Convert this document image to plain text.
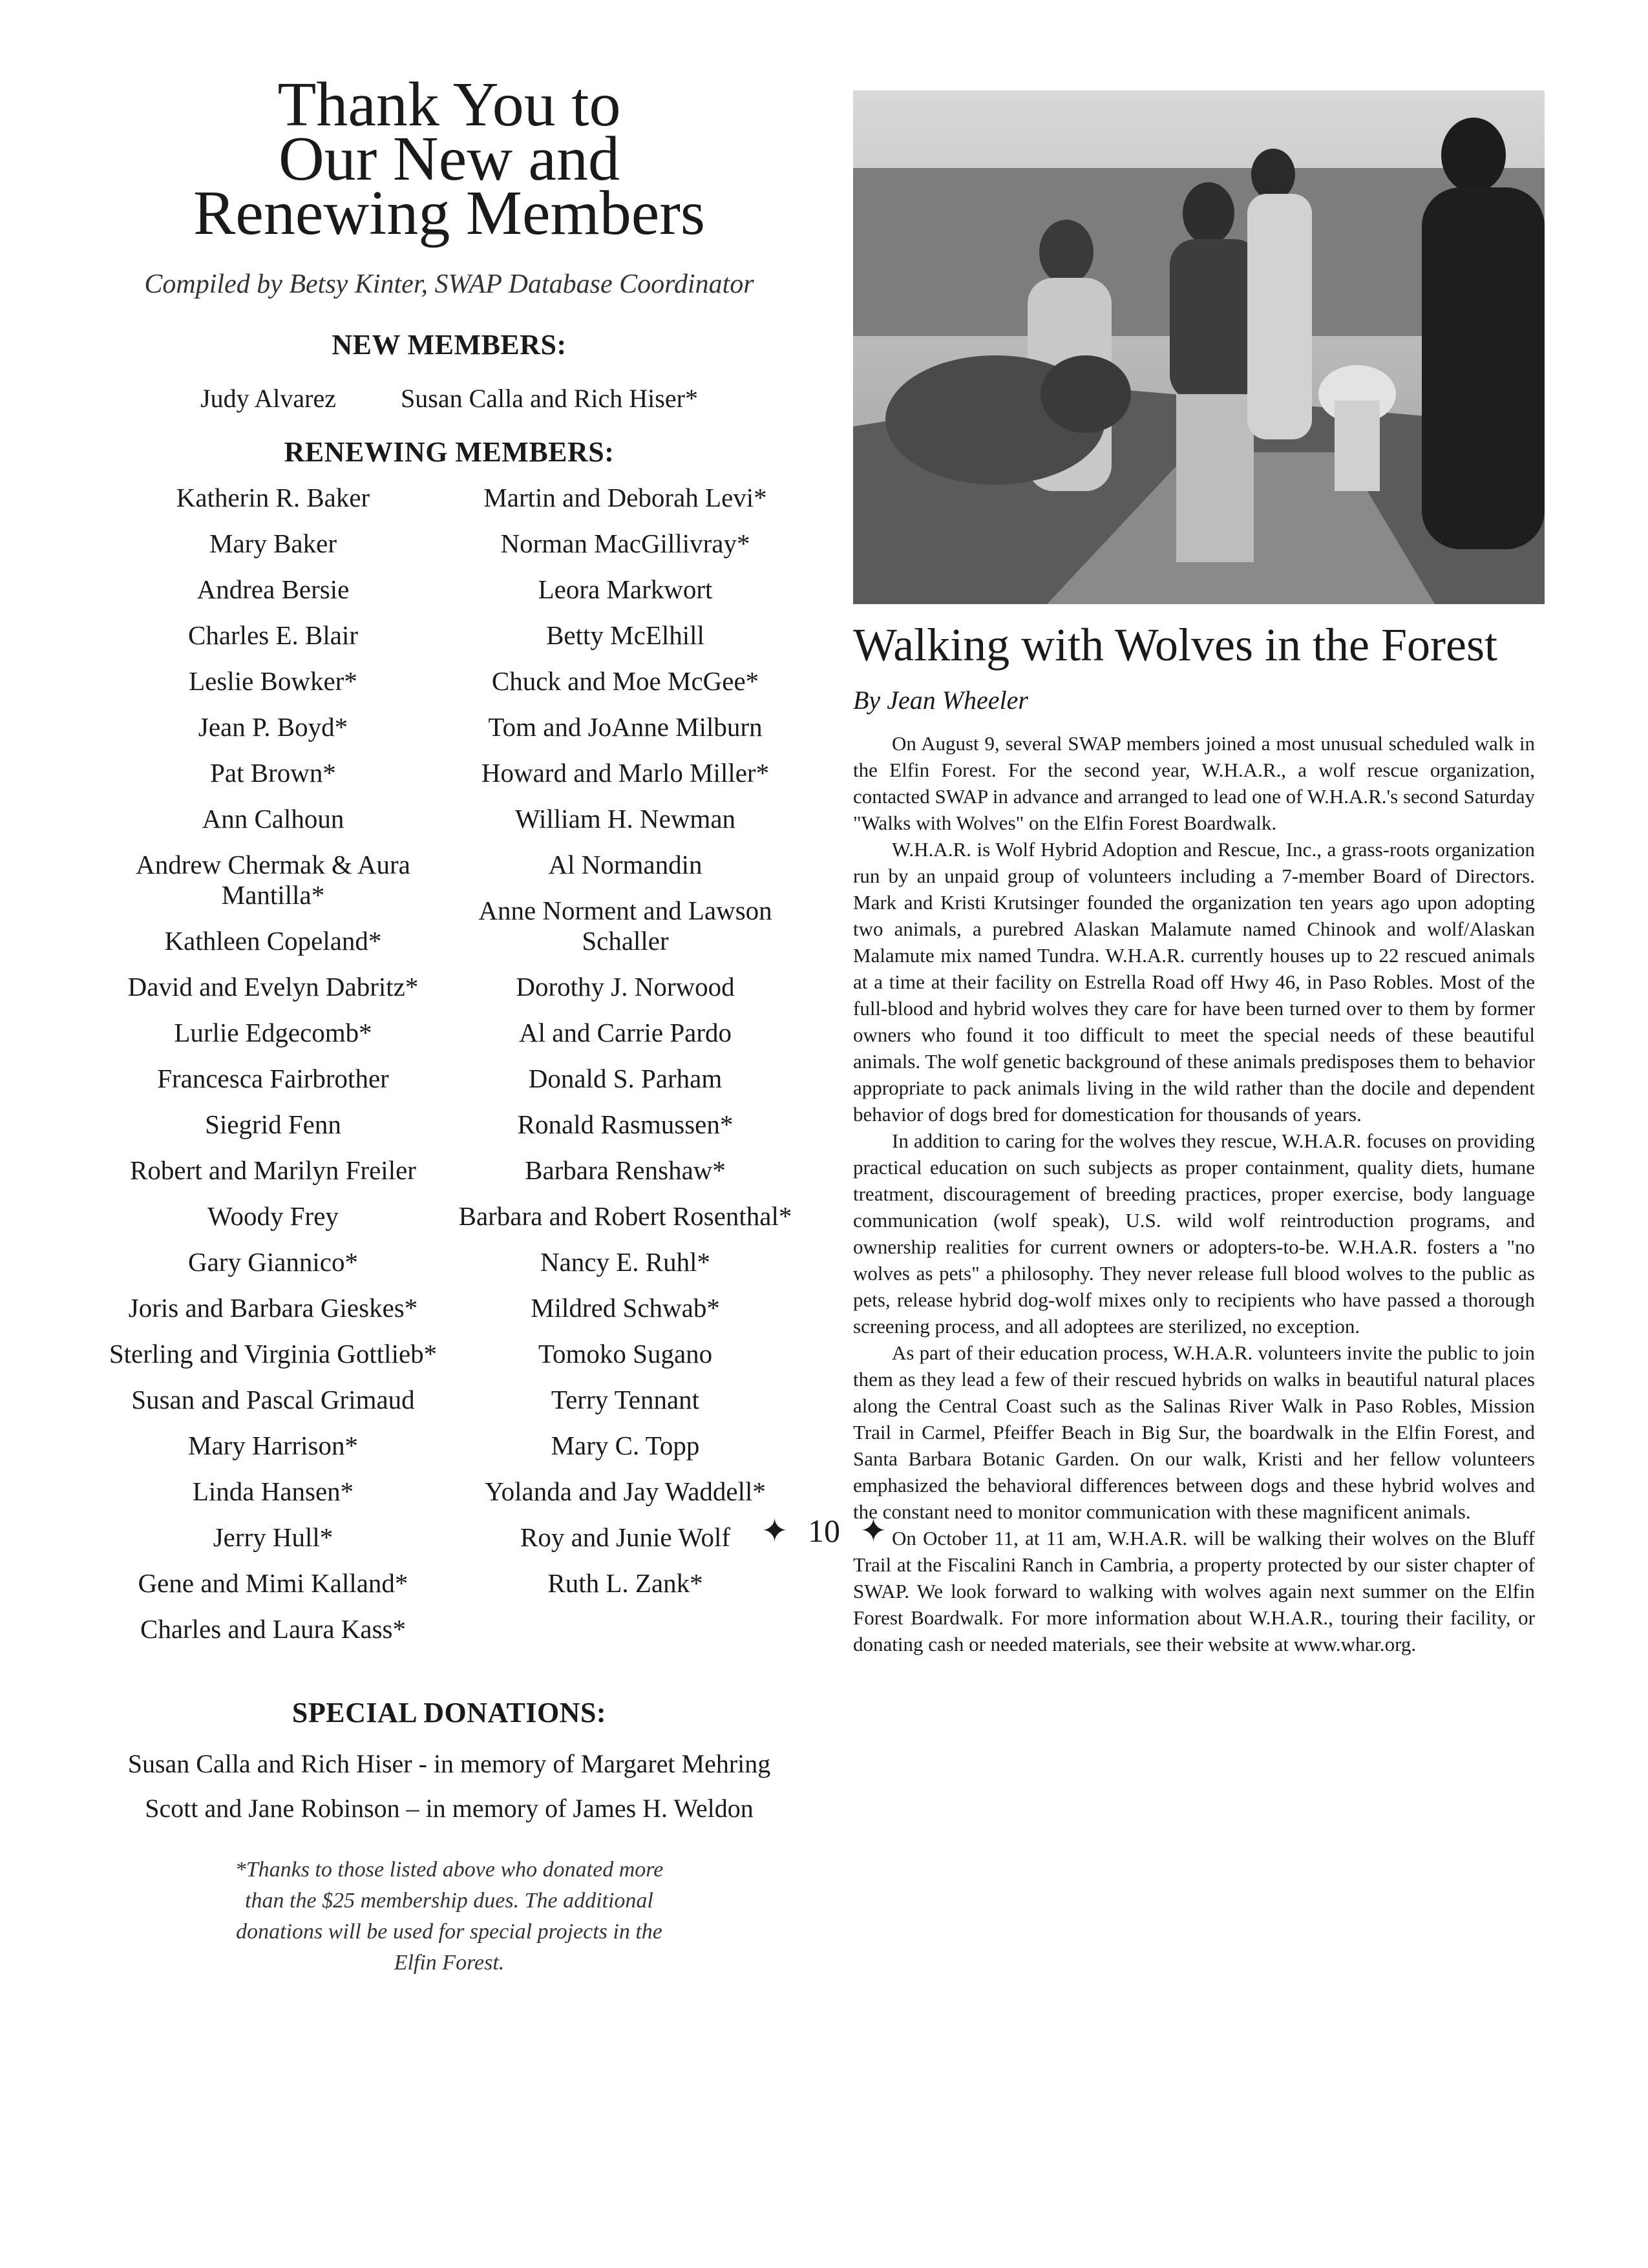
Thank You to
Our New and
Renewing Members
Compiled by Betsy Kinter, SWAP Database Coordinator
NEW MEMBERS:
Judy Alvarez	Susan Calla and Rich Hiser*
RENEWING MEMBERS:
Katherin R. Baker
Mary Baker
Andrea Bersie
Charles E. Blair
Leslie Bowker*
Jean P. Boyd*
Pat Brown*
Ann Calhoun
Andrew Chermak & Aura Mantilla*
Kathleen Copeland*
David and Evelyn Dabritz*
Lurlie Edgecomb*
Francesca Fairbrother
Siegrid Fenn
Robert and Marilyn Freiler
Woody Frey
Gary Giannico*
Joris and Barbara Gieskes*
Sterling and Virginia Gottlieb*
Susan and Pascal Grimaud
Mary Harrison*
Linda Hansen*
Jerry Hull*
Gene and Mimi Kalland*
Charles and Laura Kass*
Martin and Deborah Levi*
Norman MacGillivray*
Leora Markwort
Betty McElhill
Chuck and Moe McGee*
Tom and JoAnne Milburn
Howard and Marlo Miller*
William H. Newman
Al Normandin
Anne Norment and Lawson Schaller
Dorothy J. Norwood
Al and Carrie Pardo
Donald S. Parham
Ronald Rasmussen*
Barbara Renshaw*
Barbara and Robert Rosenthal*
Nancy E. Ruhl*
Mildred Schwab*
Tomoko Sugano
Terry Tennant
Mary C. Topp
Yolanda and Jay Waddell*
Roy and Junie Wolf
Ruth L. Zank*
SPECIAL DONATIONS:
Susan Calla and Rich Hiser - in memory of Margaret Mehring
Scott and Jane Robinson – in memory of James H. Weldon
*Thanks to those listed above who donated more than the $25 membership dues. The additional donations will be used for special projects in the Elfin Forest.
Walking with Wolves in the Forest
By Jean Wheeler

On August 9, several SWAP members joined a most unusual scheduled walk in the Elfin Forest. For the second year, W.H.A.R., a wolf rescue organization, contacted SWAP in advance and arranged to lead one of W.H.A.R.'s second Saturday "Walks with Wolves" on the Elfin Forest Boardwalk.

W.H.A.R. is Wolf Hybrid Adoption and Rescue, Inc., a grass-roots organization run by an unpaid group of volunteers including a 7-member Board of Directors. Mark and Kristi Krutsinger founded the organization ten years ago upon adopting two animals, a purebred Alaskan Malamute named Chinook and wolf/Alaskan Malamute mix named Tundra. W.H.A.R. currently houses up to 22 rescued animals at a time at their facility on Estrella Road off Hwy 46, in Paso Robles. Most of the full-blood and hybrid wolves they care for have been turned over to them by former owners who found it too difficult to meet the special needs of these beautiful animals. The wolf genetic background of these animals predisposes them to behavior appropriate to pack animals living in the wild rather than the docile and dependent behavior of dogs bred for domestication for thousands of years.

In addition to caring for the wolves they rescue, W.H.A.R. focuses on providing practical education on such subjects as proper containment, quality diets, humane treatment, discouragement of breeding practices, proper exercise, body language communication (wolf speak), U.S. wild wolf reintroduction programs, and ownership realities for current owners or adopters-to-be. W.H.A.R. fosters a "no wolves as pets" a philosophy. They never release full blood wolves to the public as pets, release hybrid dog-wolf mixes only to recipients who have passed a thorough screening process, and all adoptees are sterilized, no exception.

As part of their education process, W.H.A.R. volunteers invite the public to join them as they lead a few of their rescued hybrids on walks in beautiful natural places along the Central Coast such as the Salinas River Walk in Paso Robles, Mission Trail in Carmel, Pfeiffer Beach in Big Sur, the boardwalk in the Elfin Forest, and Santa Barbara Botanic Garden. On our walk, Kristi and her fellow volunteers emphasized the behavioral differences between dogs and these hybrid wolves and the constant need to monitor communication with these magnificent animals.

On October 11, at 11 am, W.H.A.R. will be walking their wolves on the Bluff Trail at the Fiscalini Ranch in Cambria, a property protected by our sister chapter of SWAP. We look forward to walking with wolves again next summer on the Elfin Forest Boardwalk. For more information about W.H.A.R., touring their facility, or donating cash or needed materials, see their website at www.whar.org.

✦ 10 ✦
